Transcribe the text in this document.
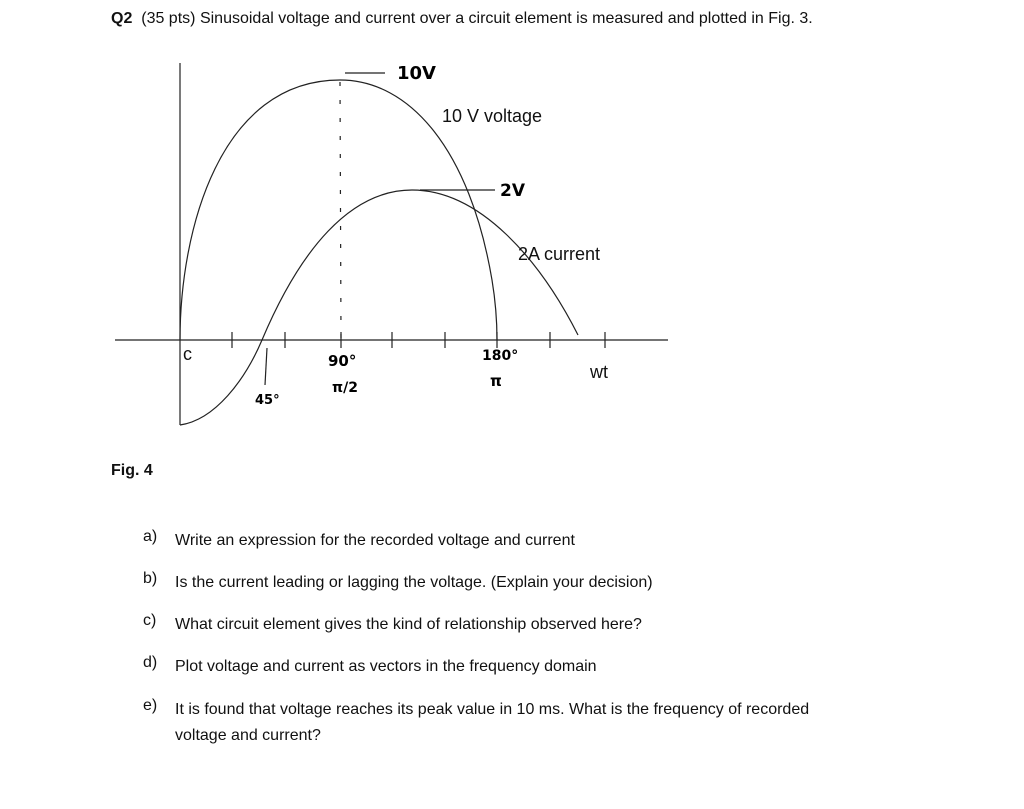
Q2 (35 pts) Sinusoidal voltage and current over a circuit element is measured and plotted in Fig. 3.
10V
10 V voltage
2V
2A current
c	90°
π/2
180°
π
45°
wt
Fig. 4
a) Write an expression for the recorded voltage and current
b) Is the current leading or lagging the voltage. (Explain your decision)
c) What circuit element gives the kind of relationship observed here?
d) Plot voltage and current as vectors in the frequency domain
e) It is found that voltage reaches its peak value in 10 ms. What is the frequency of recorded
voltage and current?
